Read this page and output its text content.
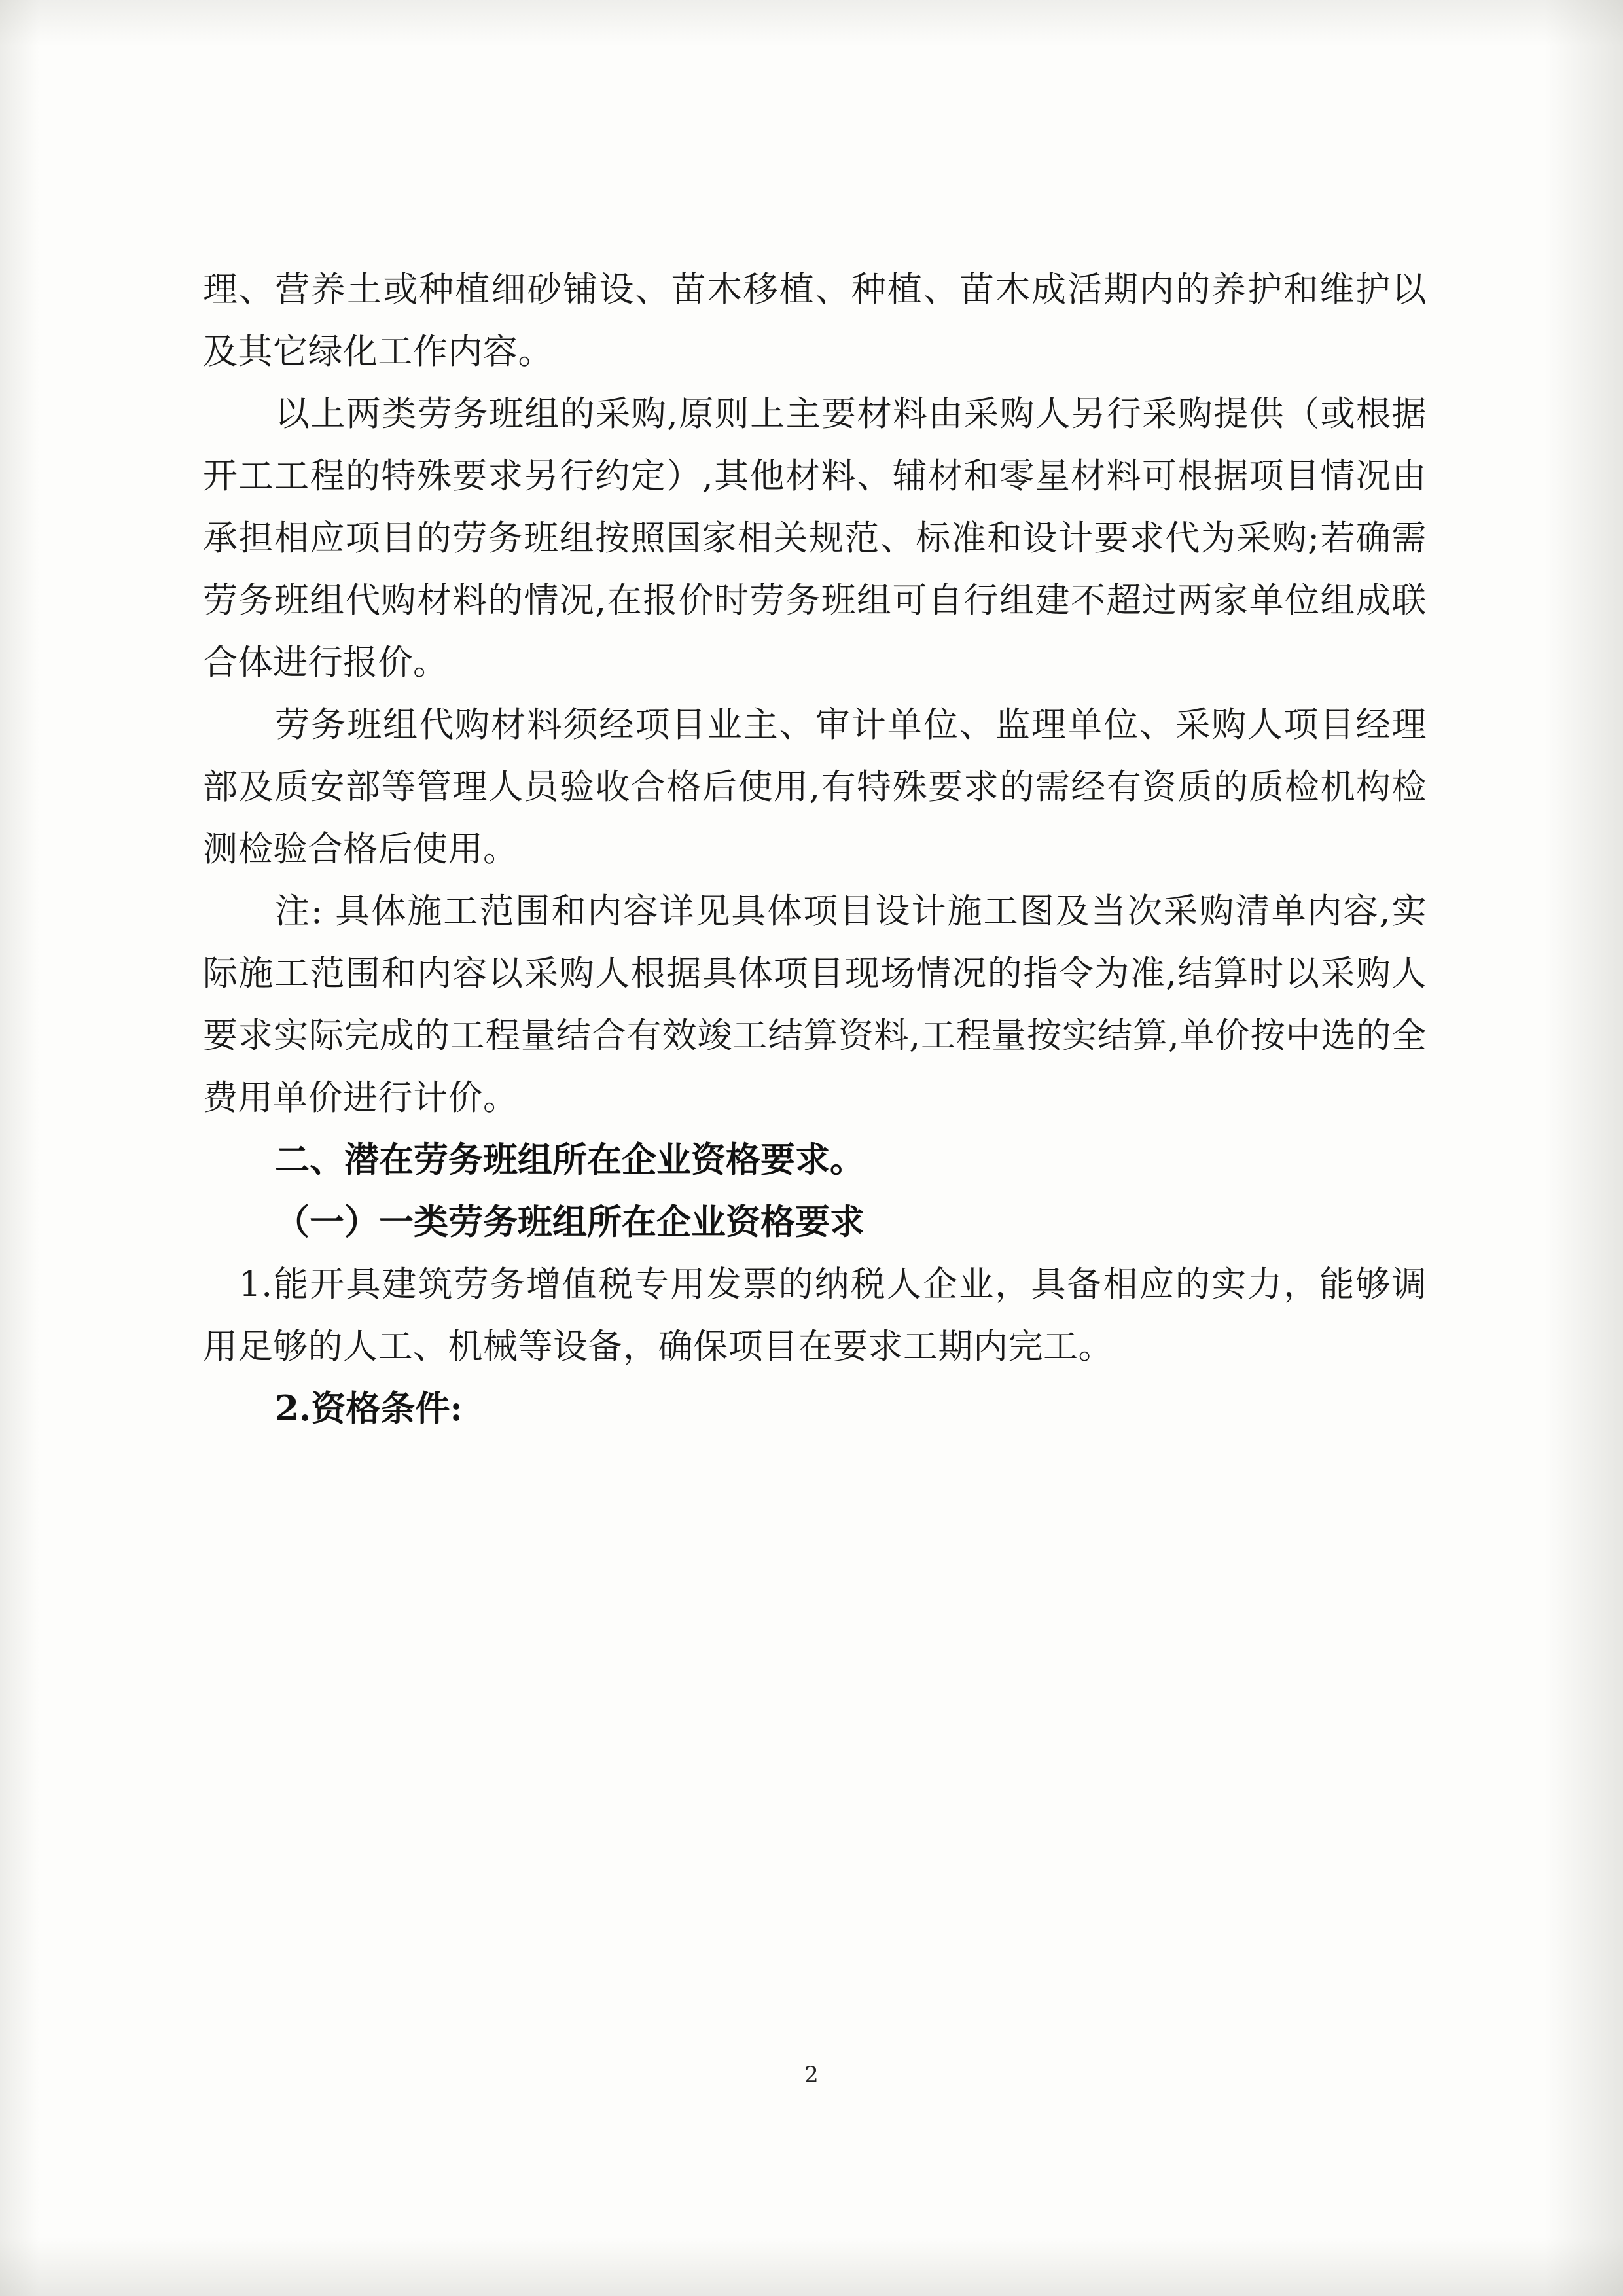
理、营养土或种植细砂铺设、苗木移植、种植、苗木成活期内的养护和维护以及其它绿化工作内容。

以上两类劳务班组的采购,原则上主要材料由采购人另行采购提供（或根据开工工程的特殊要求另行约定）,其他材料、辅材和零星材料可根据项目情况由承担相应项目的劳务班组按照国家相关规范、标准和设计要求代为采购;若确需劳务班组代购材料的情况,在报价时劳务班组可自行组建不超过两家单位组成联合体进行报价。

劳务班组代购材料须经项目业主、审计单位、监理单位、采购人项目经理部及质安部等管理人员验收合格后使用,有特殊要求的需经有资质的质检机构检测检验合格后使用。

注: 具体施工范围和内容详见具体项目设计施工图及当次采购清单内容,实际施工范围和内容以采购人根据具体项目现场情况的指令为准,结算时以采购人要求实际完成的工程量结合有效竣工结算资料,工程量按实结算,单价按中选的全费用单价进行计价。

二、潜在劳务班组所在企业资格要求。

（一）一类劳务班组所在企业资格要求

1.能开具建筑劳务增值税专用发票的纳税人企业，具备相应的实力，能够调用足够的人工、机械等设备，确保项目在要求工期内完工。

2.资格条件:

2
